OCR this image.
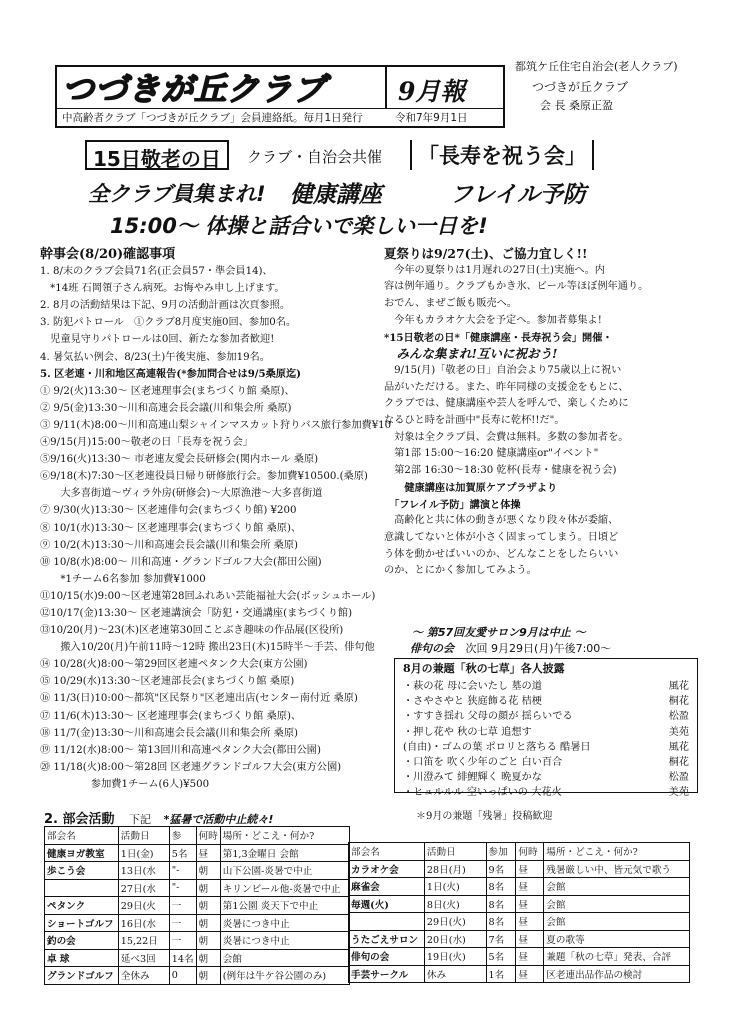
つづきが丘クラブ	9月報
中高齢者クラブ「つづきが丘クラブ」会員連絡紙。毎月1日発行	令和7年9月1日
都筑ケ丘住宅自治会(老人クラブ)
つづきが丘クラブ
会 長 桑原正盈
15日敬老の日	クラブ・自治会共催	「長寿を祝う会」
全クラブ員集まれ! 健康講座	フレイル予防
15:00～ 体操と話合いで楽しい一日を!
幹事会(8/20)確認事項
1. 8/末のクラブ会員71名(正会員57・準会員14)、
　*14班 石岡領子さん病死。お悔やみ申し上げます。
2. 8月の活動結果は下記、9月の活動計画は次頁参照。
3. 防犯パトロール　①クラブ8月度実施0回、参加0名。
　児童見守りパトロールは0回、新たな参加者歓迎!
4. 暑気払い例会、8/23(土)午後実施、参加19名。
5. 区老連・川和地区高連報告(*参加問合せは9/5桑原迄)
① 9/2(火)13:30～ 区老連理事会(まちづくり館 桑原)、
② 9/5(金)13:30～川和高連会長会議(川和集会所 桑原)
③ 9/11(木)8:00～川和高連山梨シャインマスカット狩りバス旅行参加費¥10
④9/15(月)15:00～敬老の日「長寿を祝う会」
⑤9/16(火)13:30～ 市老連友愛会長研修会(関内ホール 桑原)
⑥9/18(木)7:30～区老連役員日帰り研修旅行会。参加費¥10500.(桑原)
　　大多喜街道～ヴィラ外房(研修会)～大原漁港～大多喜街道
⑦ 9/30(火)13:30～ 区老連俳句会(まちづくり館) ¥200
⑧ 10/1(水)13:30～ 区老連理事会(まちづくり館 桑原)、
⑨ 10/2(木)13:30～川和高連会長会議(川和集会所 桑原)
⑩ 10/8(水)8:00～ 川和高連・グランドゴルフ大会(都田公園)
　　*1チーム6名参加 参加費¥1000
⑪10/15(水)9:00～区老連第28回ふれあい芸能福祉大会(ボッシュホール)
⑫10/17(金)13:30～ 区老連講演会「防犯・交通講座(まちづくり館)
⑬10/20(月)～23(木)区老連第30回ことぶき趣味の作品展(区役所)
　　搬入10/20(月)午前11時～12時 搬出23日(木)15時半～手芸、俳句他
⑭ 10/28(火)8:00～第29回区老連ペタンク大会(東方公園)
⑮ 10/29(水)13:30～区老連部長会(まちづくり館 桑原)
⑯ 11/3(日)10:00～都筑"区民祭り"区老連出店(センター南付近 桑原)
⑰ 11/6(木)13:30～ 区老連理事会(まちづくり館 桑原)、
⑱ 11/7(金)13:30～川和高連会長会議(川和集会所 桑原)
⑲ 11/12(水)8:00～ 第13回川和高連ペタンク大会(都田公園)
⑳ 11/18(火)8:00～第28回 区老連グランドゴルフ大会(東方公園)
　　　　　参加費1チーム(6人)¥500
夏祭りは9/27(土)、ご協力宜しく!!
　今年の夏祭りは1月遅れの27日(土)実施へ。内
容は例年通り。クラブもかき氷、ビール等ほぼ例年通り。
おでん、まぜご飯も販売へ。
　今年もカラオケ大会を予定へ。参加者募集よ!
*15日敬老の日*「健康講座・長寿祝う会」開催・
　みんな集まれ!互いに祝おう!
　9/15(月)「敬老の日」自治会より75歳以上に祝い
品がいただける。また、昨年同様の支援金をもとに、
クラブでは、健康講座や芸人を呼んで、楽しくために
なるひと時を計画中"長寿に乾杯!!だ"。
　対象は全クラブ員、会費は無料。多数の参加者を。
　第1部 15:00～16:20 健康講座or"イベント"
　第2部 16:30～18:30 乾杯(長寿・健康を祝う会)
　　健康講座は加賀原ケアプラザより
　「フレイル予防」講演と体操
　高齢化と共に体の動きが悪くなり段々体が委縮、
意識してないと体が小さく固まってしまう。日頃ど
う体を動かせばいいのか、どんなことをしたらいい
のか、とにかく参加してみよう。
～ 第57回友愛サロン9月は中止 ～
俳句の会 次回 9月29日(月)午後7:00～
8月の兼題「秋の七草」各人披露
・萩の花 母に会いたし 墓の道	風花
・さやさやと 狭庭飾る花 桔梗	桐花
・すすき揺れ 父母の顔が 揺らいでる	松盈
・押し花や 秋の七草 追想す	美苑
(自由)・ゴムの葉 ポロリと落ちる 酷暑日	風花
・口笛を 吹く少年のごと 白い百合	桐花
・川澄みて 緋鯉輝く 晩夏かな	松盈
・ヒュルルル 空いっぱいの 大花火	美苑
＊9月の兼題「残暑」投稿歓迎
2. 部会活動 下記 *猛暑で活動中止続々!
部会名	活動日	参	何時	場所・どこえ・何か?
健康ヨガ教室	1日(金)	5名	昼	第1,3金曜日 会館
歩こう会	13日(水	"-	朝	山下公園-炎暑で中止
	27日(水	"-	朝	キリンビール他-炎暑で中止
ペタンク	29日(火	一	朝	第1公園 炎天下で中止
ショートゴルフ	16日(水	一	朝	炎暑につき中止
釣の会	15,22日	一	朝	炎暑につき中止
卓 球	延べ3回	14名	朝	会館
グランドゴルフ	全休み	0	朝	(例年は牛ケ谷公園のみ)
部会名	活動日	参加	何時	場所・どこえ・何か?
カラオケ会	28日(月)	9名	昼	残暑厳しい中、皆元気で歌う
麻雀会	1日(火)	8名	昼	会館
毎週(火)	8日(火)	8名	昼	会館
	29日(火)	8名	昼	会館
うたごえサロン	20日(水)	7名	昼	夏の歌等
俳句の会	19日(火)	5名	昼	兼題「秋の七草」発表、合評
手芸サークル	休み	1名	昼	区老連出品作品の検討
